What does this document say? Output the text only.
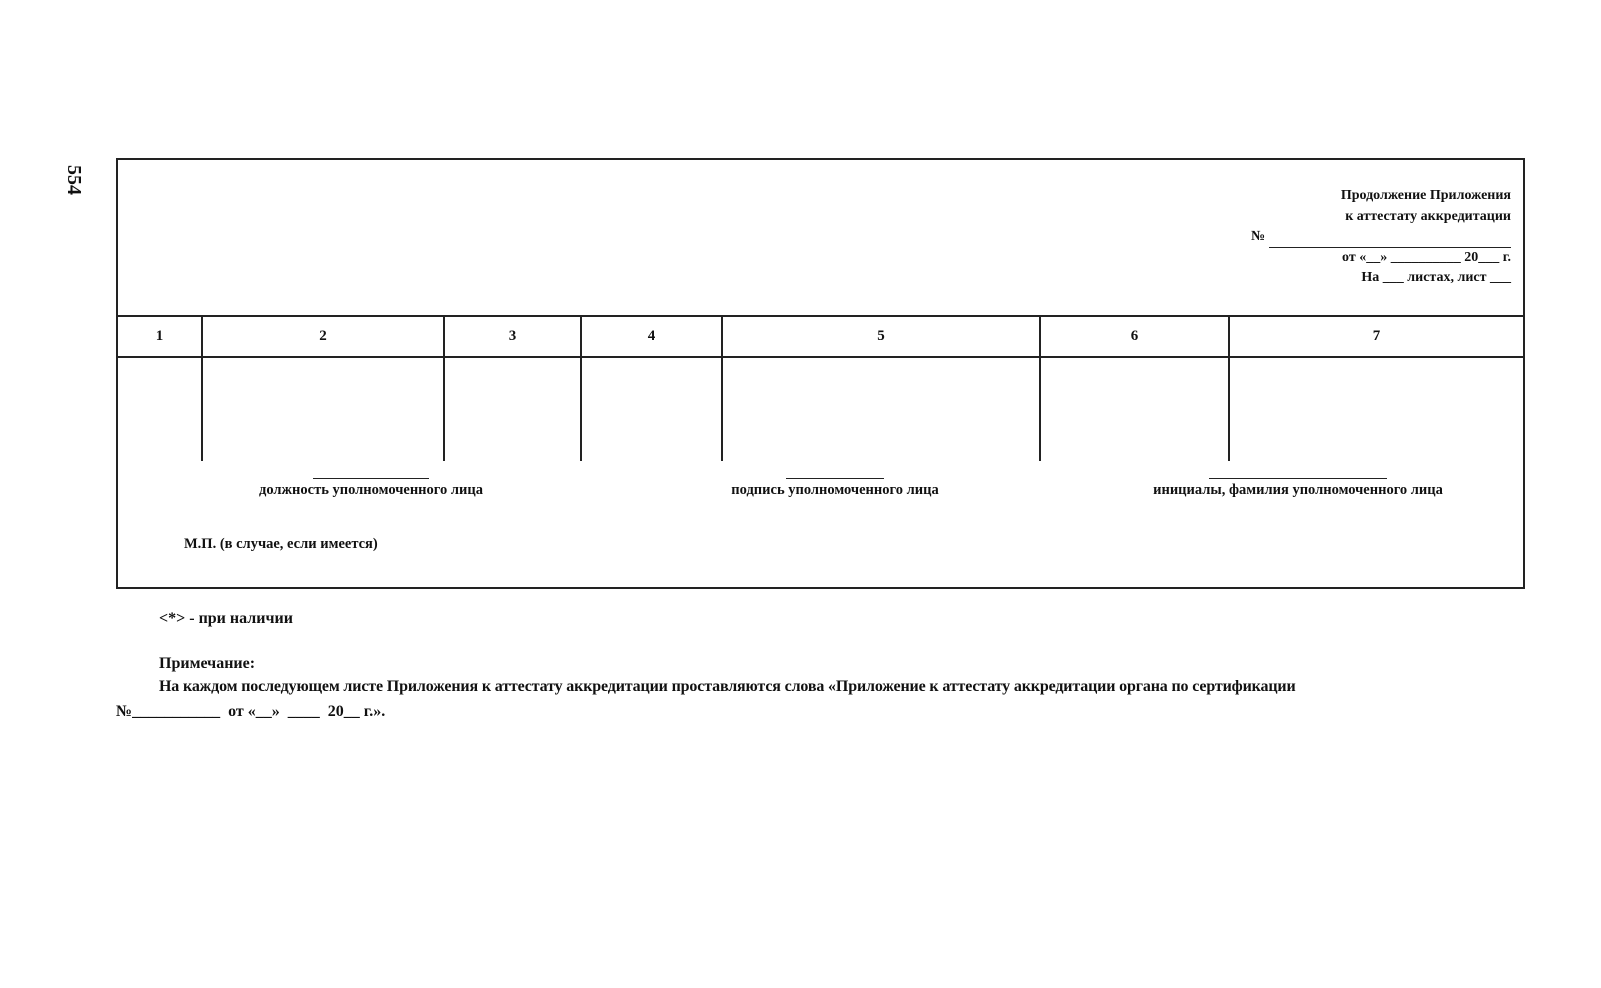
554
Продолжение Приложения
к аттестату аккредитации
№
от «__» __________ 20___ г.
На ___ листах, лист ___
1	2	3	4	5	6	7

должность уполномоченного лица	подпись уполномоченного лица	инициалы, фамилия уполномоченного лица
М.П. (в случае, если имеется)
<*> - при наличии
Примечание:
На каждом последующем листе Приложения к аттестату аккредитации проставляются слова «Приложение к аттестату аккредитации органа по сертификации
№___________  от «__»  ____  20__ г.».
